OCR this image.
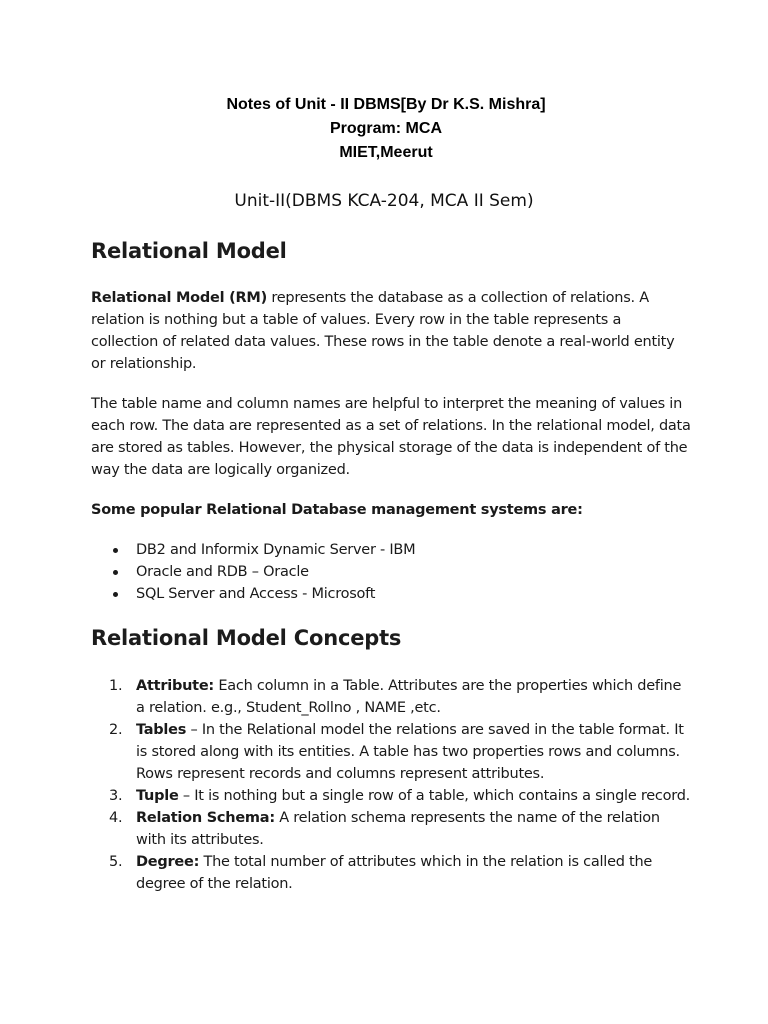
Notes of Unit - II DBMS[By Dr K.S. Mishra]

Program: MCA

MIET,Meerut

Unit-II(DBMS KCA-204, MCA II Sem)

Relational Model

Relational Model (RM) represents the database as a collection of relations. A relation is nothing but a table of values. Every row in the table represents a collection of related data values. These rows in the table denote a real-world entity or relationship.

The table name and column names are helpful to interpret the meaning of values in each row. The data are represented as a set of relations. In the relational model, data are stored as tables. However, the physical storage of the data is independent of the way the data are logically organized.

Some popular Relational Database management systems are:

DB2 and Informix Dynamic Server - IBM
Oracle and RDB – Oracle
SQL Server and Access - Microsoft
Relational Model Concepts
1. Attribute: Each column in a Table. Attributes are the properties which define a relation. e.g., Student_Rollno , NAME ,etc.
2. Tables – In the Relational model the relations are saved in the table format. It is stored along with its entities. A table has two properties rows and columns. Rows represent records and columns represent attributes.
3. Tuple – It is nothing but a single row of a table, which contains a single record.
4. Relation Schema: A relation schema represents the name of the relation with its attributes.
5. Degree: The total number of attributes which in the relation is called the degree of the relation.
